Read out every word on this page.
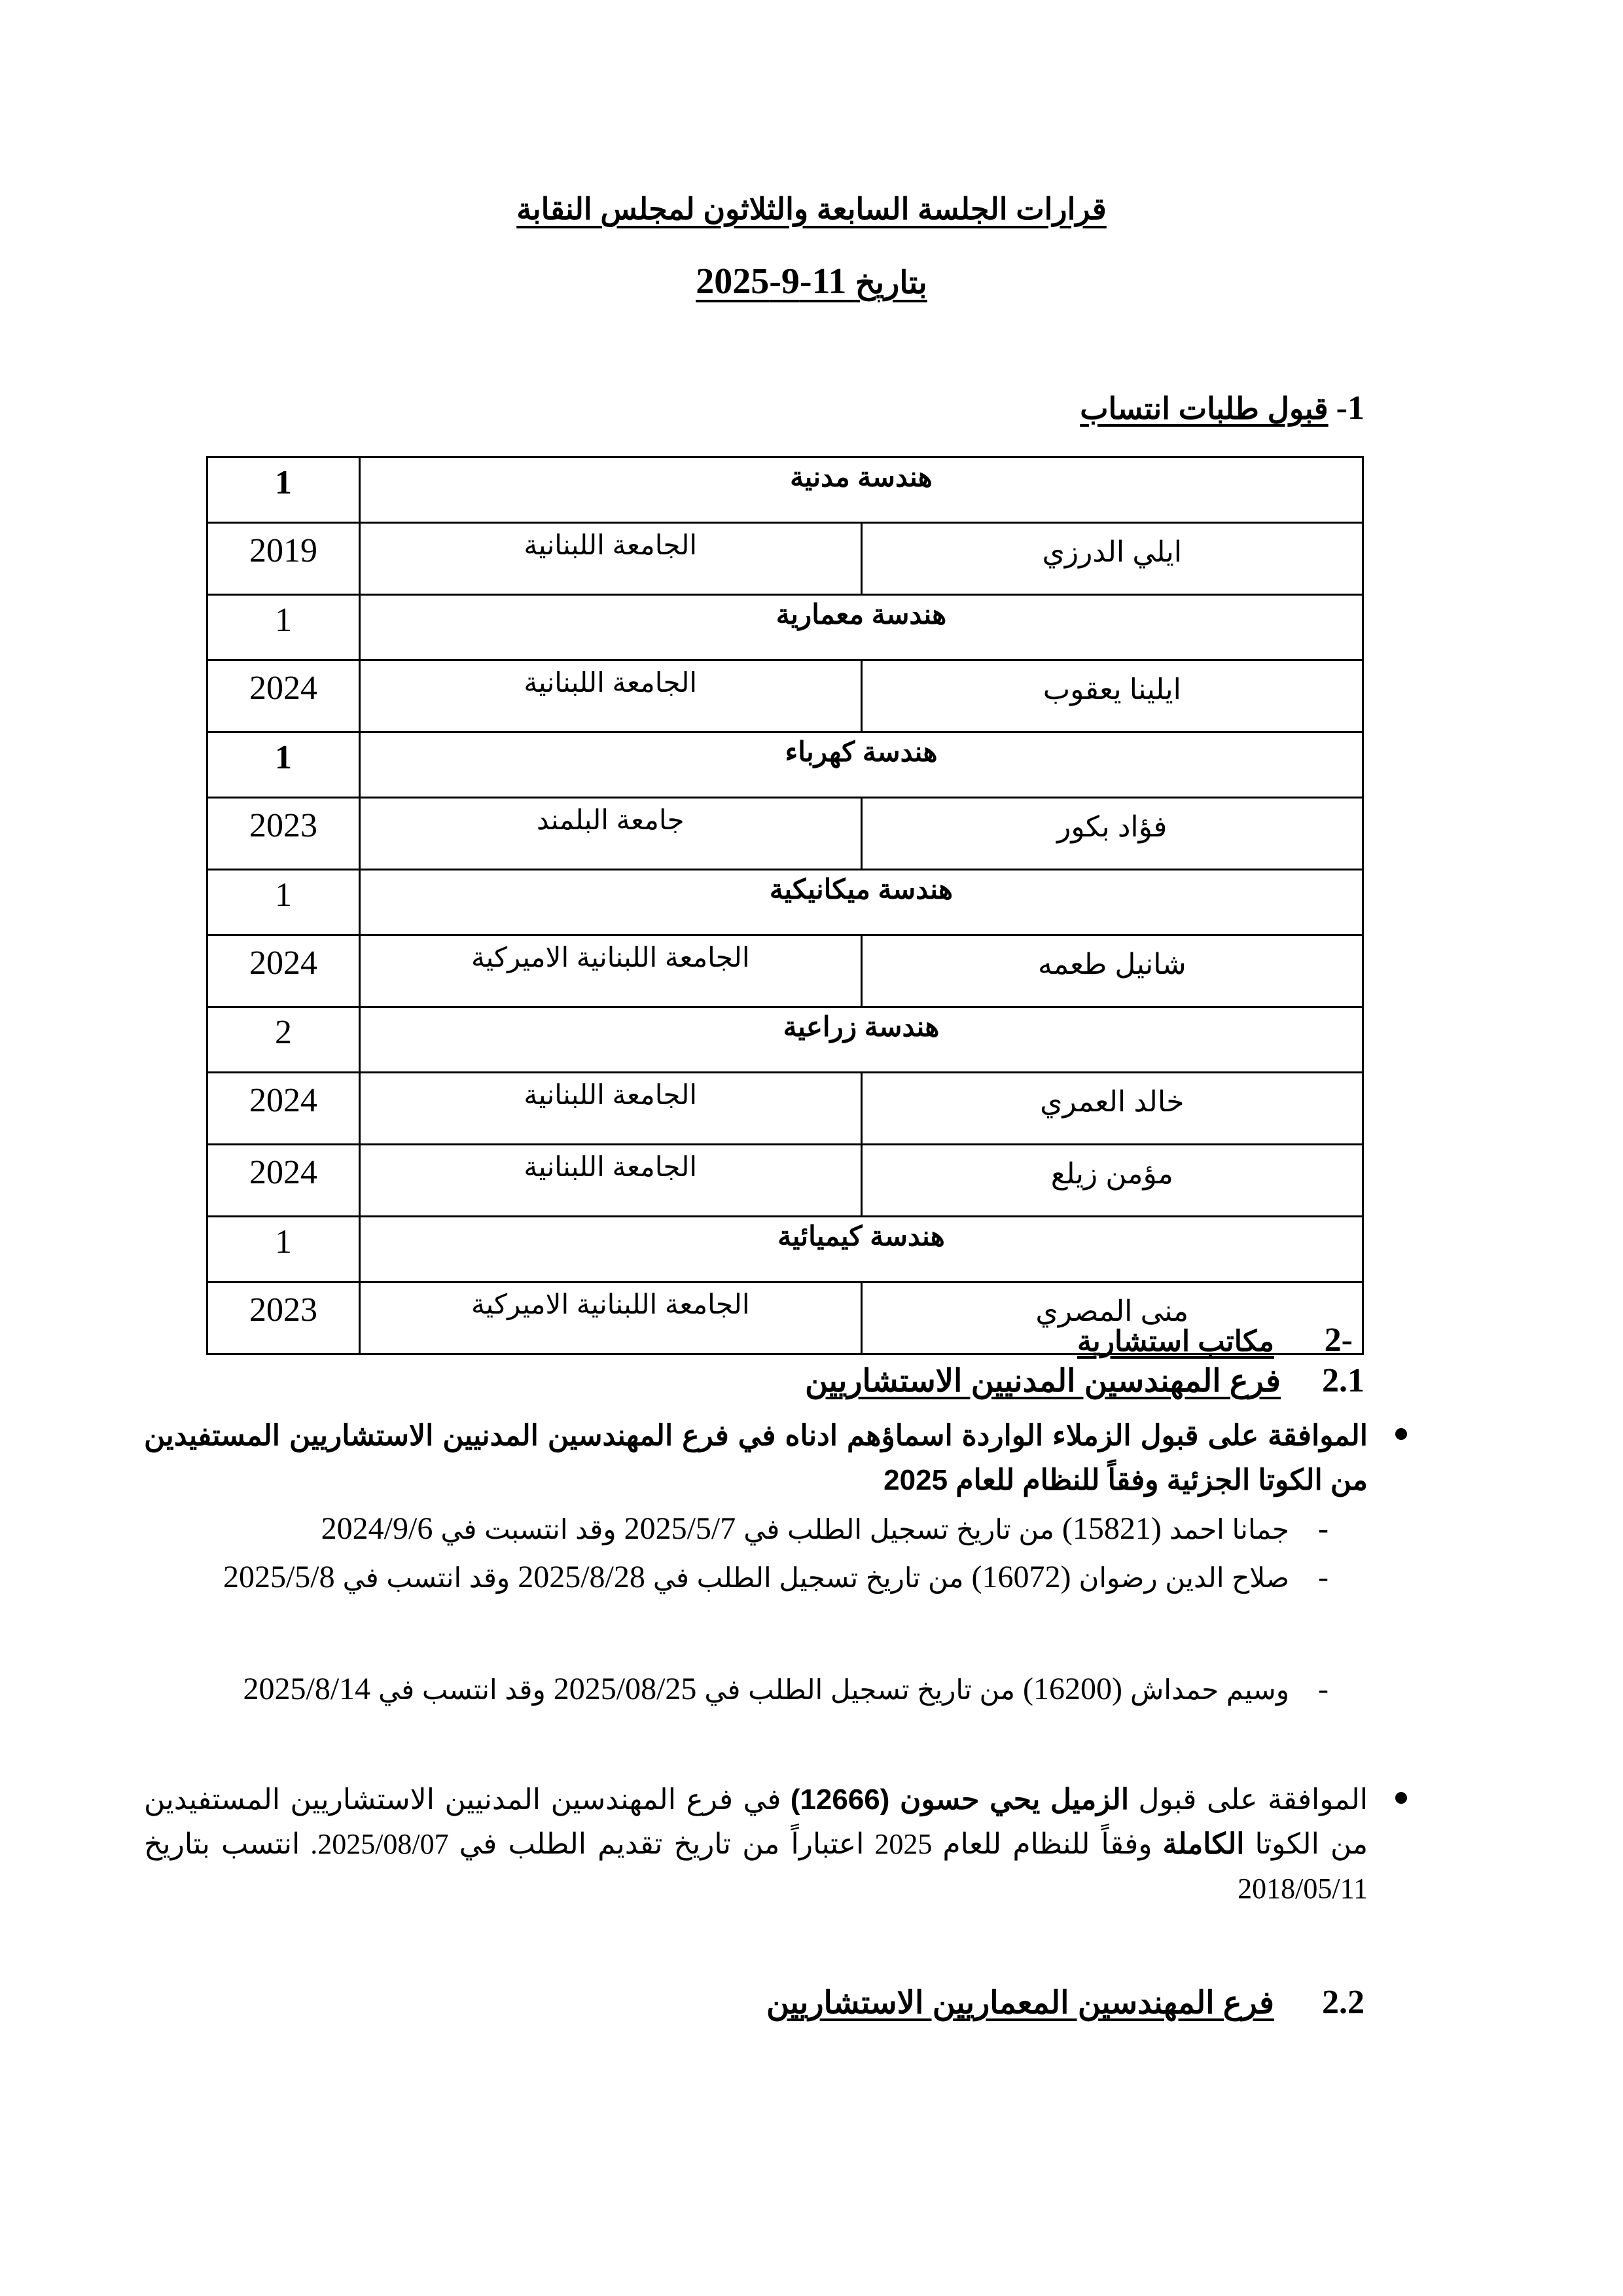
قرارات الجلسة السابعة والثلاثون لمجلس النقابة
بتاريخ 11-9-2025
1-قبول طلبات انتساب
هندسة مدنية		1
ايلي الدرزي	الجامعة اللبنانية	2019
هندسة معمارية		1
ايلينا يعقوب	الجامعة اللبنانية	2024
هندسة كهرباء		1
فؤاد بكور	جامعة البلمند	2023
هندسة ميكانيكية		1
شانيل طعمه	الجامعة اللبنانية الاميركية	2024
هندسة زراعية		2
خالد العمري	الجامعة اللبنانية	2024
مؤمن زيلع	الجامعة اللبنانية	2024
هندسة كيميائية		1
منى المصري	الجامعة اللبنانية الاميركية	2023
-2مكاتب استشارية
2.1فرع المهندسين المدنيين الاستشاريين
الموافقة على قبول الزملاء الواردة اسماؤهم ادناه في فرع المهندسين المدنيين الاستشاريين المستفيدين من الكوتا الجزئية وفقاً للنظام للعام 2025
-
جمانا احمد (15821) من تاريخ تسجيل الطلب في 2025/5/7 وقد انتسبت في 2024/9/6
-
صلاح الدين رضوان (16072) من تاريخ تسجيل الطلب في 2025/8/28 وقد انتسب في 2025/5/8
-
وسيم حمداش (16200) من تاريخ تسجيل الطلب في 2025/08/25 وقد انتسب في 2025/8/14
الموافقة على قبول الزميل يحي حسون (12666) في فرع المهندسين المدنيين الاستشاريين المستفيدين من الكوتا الكاملة وفقاً للنظام للعام 2025 اعتباراً من تاريخ تقديم الطلب في 2025/08/07. انتسب بتاريخ 2018/05/11
2.2فرع المهندسين المعماريين الاستشاريين
